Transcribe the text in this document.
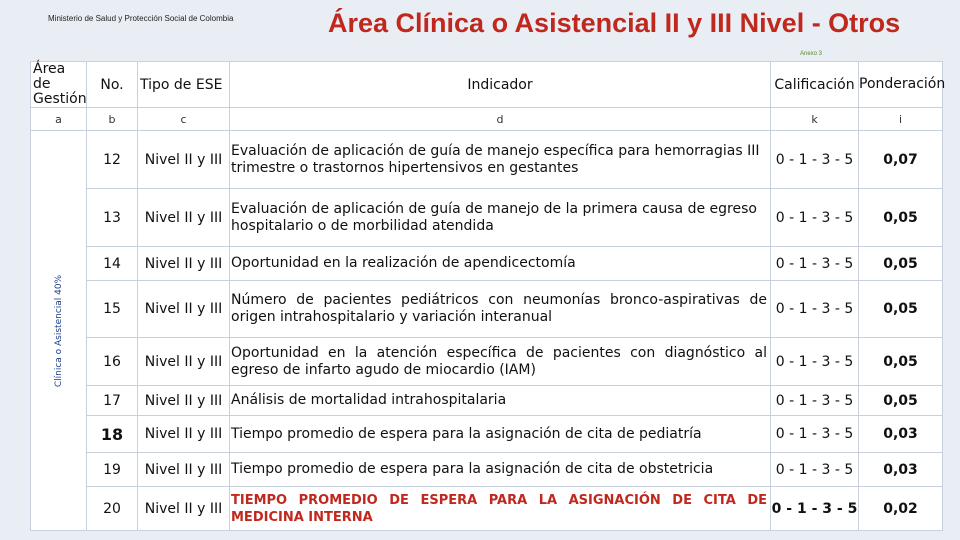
Ministerio de Salud y Protección Social de Colombia	Área Clínica o Asistencial II y III Nivel - Otros
Anexo 3
Área de Gestión	No.	Tipo de ESE	Indicador	Calificación	Ponderación
a	b	c	d	k	i

Clínica o Asistencial 40%	12	Nivel II y III	Evaluación de aplicación de guía de manejo específica para hemorragias III trimestre o trastornos hipertensivos en gestantes	0 - 1 - 3 - 5	0,07
	13	Nivel II y III	Evaluación de aplicación de guía de manejo de la primera causa de egreso hospitalario o de morbilidad atendida	0 - 1 - 3 - 5	0,05
	14	Nivel II y III	Oportunidad en la realización de apendicectomía	0 - 1 - 3 - 5	0,05
	15	Nivel II y III	Número de pacientes pediátricos con neumonías bronco-aspirativas de origen intrahospitalario y variación interanual	0 - 1 - 3 - 5	0,05
	16	Nivel II y III	Oportunidad en la atención específica de pacientes con diagnóstico al egreso de infarto agudo de miocardio (IAM)	0 - 1 - 3 - 5	0,05
	17	Nivel II y III	Análisis de mortalidad intrahospitalaria	0 - 1 - 3 - 5	0,05
	18	Nivel II y III	Tiempo promedio de espera para la asignación de cita de pediatría	0 - 1 - 3 - 5	0,03
	19	Nivel II y III	Tiempo promedio de espera para la asignación de cita de obstetricia	0 - 1 - 3 - 5	0,03
	20	Nivel II y III	TIEMPO PROMEDIO DE ESPERA PARA LA ASIGNACIÓN DE CITA DE MEDICINA INTERNA	0 - 1 - 3 - 5	0,02
